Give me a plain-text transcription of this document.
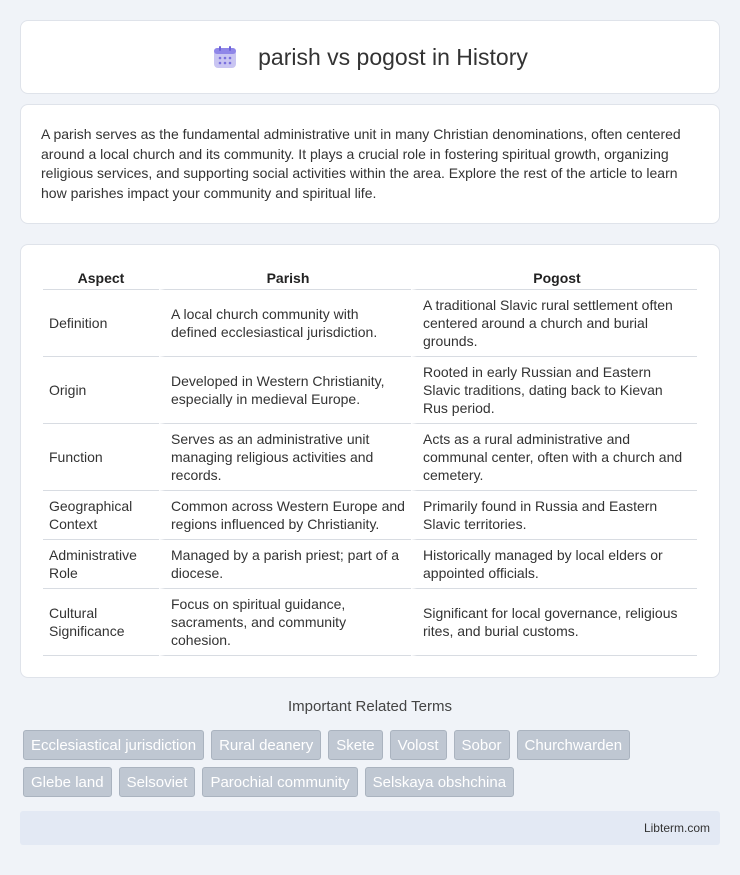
parish vs pogost in History

A parish serves as the fundamental administrative unit in many Christian denominations, often centered around a local church and its community. It plays a crucial role in fostering spiritual growth, organizing religious services, and supporting social activities within the area. Explore the rest of the article to learn how parishes impact your community and spiritual life.

Aspect	Parish	Pogost
Definition	A local church community with defined ecclesiastical jurisdiction.	A traditional Slavic rural settlement often centered around a church and burial grounds.
Origin	Developed in Western Christianity, especially in medieval Europe.	Rooted in early Russian and Eastern Slavic traditions, dating back to Kievan Rus period.
Function	Serves as an administrative unit managing religious activities and records.	Acts as a rural administrative and communal center, often with a church and cemetery.
Geographical Context	Common across Western Europe and regions influenced by Christianity.	Primarily found in Russia and Eastern Slavic territories.
Administrative Role	Managed by a parish priest; part of a diocese.	Historically managed by local elders or appointed officials.
Cultural Significance	Focus on spiritual guidance, sacraments, and community cohesion.	Significant for local governance, religious rites, and burial customs.
Important Related Terms
Ecclesiastical jurisdiction	Rural deanery	Skete	Volost	Sobor	Churchwarden
Glebe land	Selsoviet	Parochial community	Selskaya obshchina
Libterm.com
